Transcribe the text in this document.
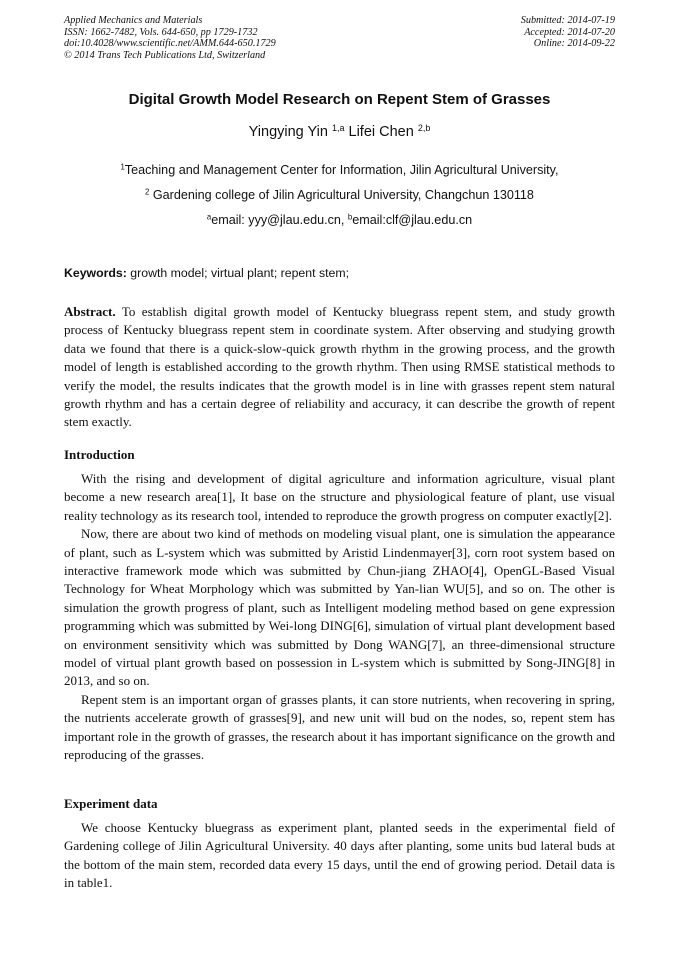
Applied Mechanics and Materials
ISSN: 1662-7482, Vols. 644-650, pp 1729-1732
doi:10.4028/www.scientific.net/AMM.644-650.1729
© 2014 Trans Tech Publications Ltd, Switzerland
Submitted: 2014-07-19
Accepted: 2014-07-20
Online: 2014-09-22
Digital Growth Model Research on Repent Stem of Grasses
Yingying Yin $^{1,a}$ Lifei Chen $^{2,b}$
$^1$Teaching and Management Center for Information, Jilin Agricultural University,
$^2$ Gardening college of Jilin Agricultural University, Changchun 130118
$^a$email: yyy@jlau.edu.cn, $^b$email:clf@jlau.edu.cn
Keywords: growth model; virtual plant; repent stem;

Abstract. To establish digital growth model of Kentucky bluegrass repent stem, and study growth process of Kentucky bluegrass repent stem in coordinate system. After observing and studying growth data we found that there is a quick-slow-quick growth rhythm in the growing process, and the growth model of length is established according to the growth rhythm. Then using RMSE statistical methods to verify the model, the results indicates that the growth model is in line with grasses repent stem natural growth rhythm and has a certain degree of reliability and accuracy, it can describe the growth of repent stem exactly.

Introduction

With the rising and development of digital agriculture and information agriculture, visual plant become a new research area[1], It base on the structure and physiological feature of plant, use visual reality technology as its research tool, intended to reproduce the growth progress on computer exactly[2].

Now, there are about two kind of methods on modeling visual plant, one is simulation the appearance of plant, such as L-system which was submitted by Aristid Lindenmayer[3], corn root system based on interactive framework mode which was submitted by Chun-jiang ZHAO[4], OpenGL-Based Visual Technology for Wheat Morphology which was submitted by Yan-lian WU[5], and so on. The other is simulation the growth progress of plant, such as Intelligent modeling method based on gene expression programming which was submitted by Wei-long DING[6], simulation of virtual plant development based on environment sensitivity which was submitted by Dong WANG[7], an three-dimensional structure model of virtual plant growth based on possession in L-system which is submitted by Song-JING[8] in 2013, and so on.

Repent stem is an important organ of grasses plants, it can store nutrients, when recovering in spring, the nutrients accelerate growth of grasses[9], and new unit will bud on the nodes, so, repent stem has important role in the growth of grasses, the research about it has important significance on the growth and reproducing of the grasses.

Experiment data

We choose Kentucky bluegrass as experiment plant, planted seeds in the experimental field of Gardening college of Jilin Agricultural University. 40 days after planting, some units bud lateral buds at the bottom of the main stem, recorded data every 15 days, until the end of growing period. Detail data is in table1.
